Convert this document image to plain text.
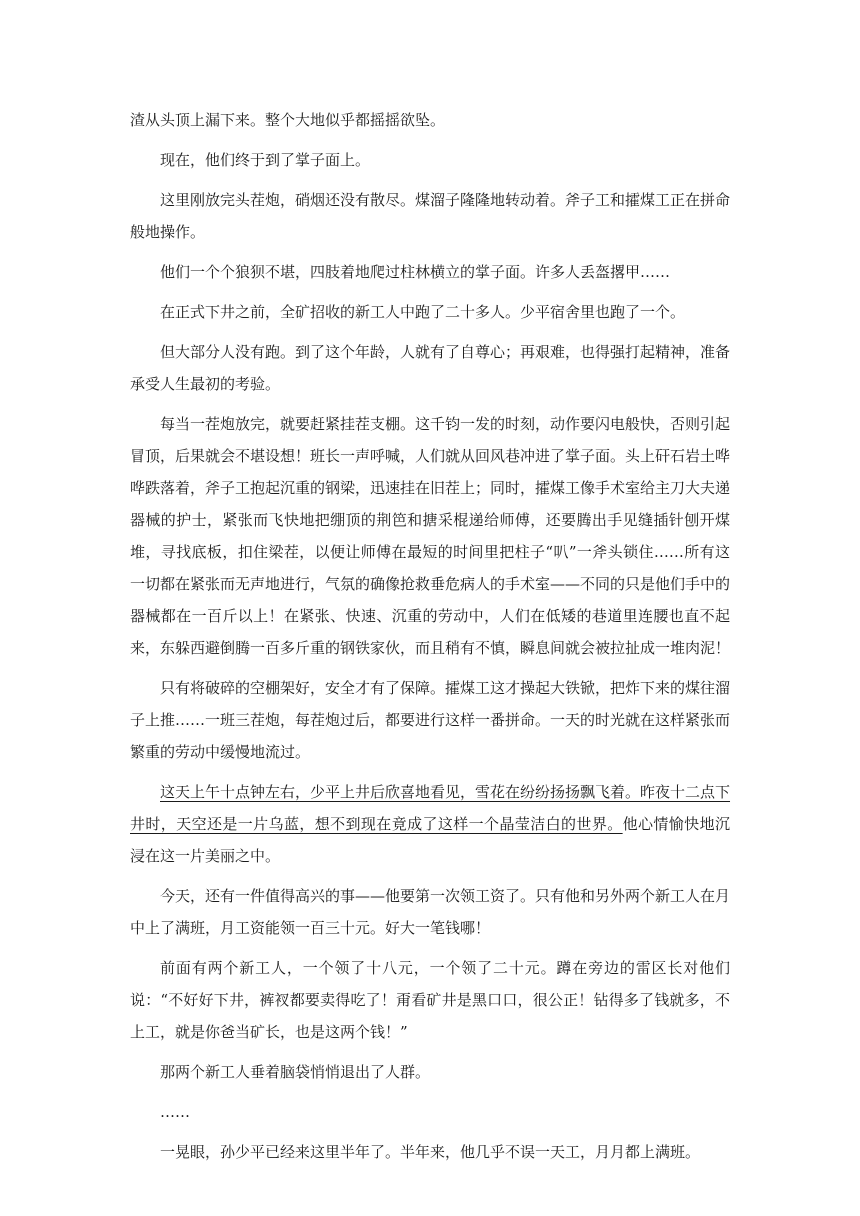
渣从头顶上漏下来。整个大地似乎都摇摇欲坠。

现在，他们终于到了掌子面上。

这里刚放完头茬炮，硝烟还没有散尽。煤溜子隆隆地转动着。斧子工和攉煤工正在拼命般地操作。

他们一个个狼狈不堪，四肢着地爬过柱林横立的掌子面。许多人丢盔撂甲……

在正式下井之前，全矿招收的新工人中跑了二十多人。少平宿舍里也跑了一个。

但大部分人没有跑。到了这个年龄，人就有了自尊心；再艰难，也得强打起精神，准备承受人生最初的考验。

每当一茬炮放完，就要赶紧挂茬支棚。这千钧一发的时刻，动作要闪电般快，否则引起冒顶，后果就会不堪设想！班长一声呼喊，人们就从回风巷冲进了掌子面。头上矸石岩土哗哗跌落着，斧子工抱起沉重的钢梁，迅速挂在旧茬上；同时，攉煤工像手术室给主刀大夫递器械的护士，紧张而飞快地把绷顶的荆笆和搪采棍递给师傅，还要腾出手见缝插针刨开煤堆，寻找底板，扣住梁茬，以便让师傅在最短的时间里把柱子“叭”一斧头锁住……所有这一切都在紧张而无声地进行，气氛的确像抢救垂危病人的手术室——不同的只是他们手中的器械都在一百斤以上！在紧张、快速、沉重的劳动中，人们在低矮的巷道里连腰也直不起来，东躲西避倒腾一百多斤重的钢铁家伙，而且稍有不慎，瞬息间就会被拉扯成一堆肉泥！

只有将破碎的空棚架好，安全才有了保障。攉煤工这才操起大铁锨，把炸下来的煤往溜子上推……一班三茬炮，每茬炮过后，都要进行这样一番拼命。一天的时光就在这样紧张而繁重的劳动中缓慢地流过。

这天上午十点钟左右，少平上井后欣喜地看见，雪花在纷纷扬扬飘飞着。昨夜十二点下井时，天空还是一片乌蓝，想不到现在竟成了这样一个晶莹洁白的世界。他心情愉快地沉浸在这一片美丽之中。

今天，还有一件值得高兴的事——他要第一次领工资了。只有他和另外两个新工人在月中上了满班，月工资能领一百三十元。好大一笔钱哪！

前面有两个新工人，一个领了十八元，一个领了二十元。蹲在旁边的雷区长对他们说：“不好好下井，裤衩都要卖得吃了！甭看矿井是黑口口，很公正！钻得多了钱就多，不上工，就是你爸当矿长，也是这两个钱！”

那两个新工人垂着脑袋悄悄退出了人群。

……

一晃眼，孙少平已经来这里半年了。半年来，他几乎不误一天工，月月都上满班。
